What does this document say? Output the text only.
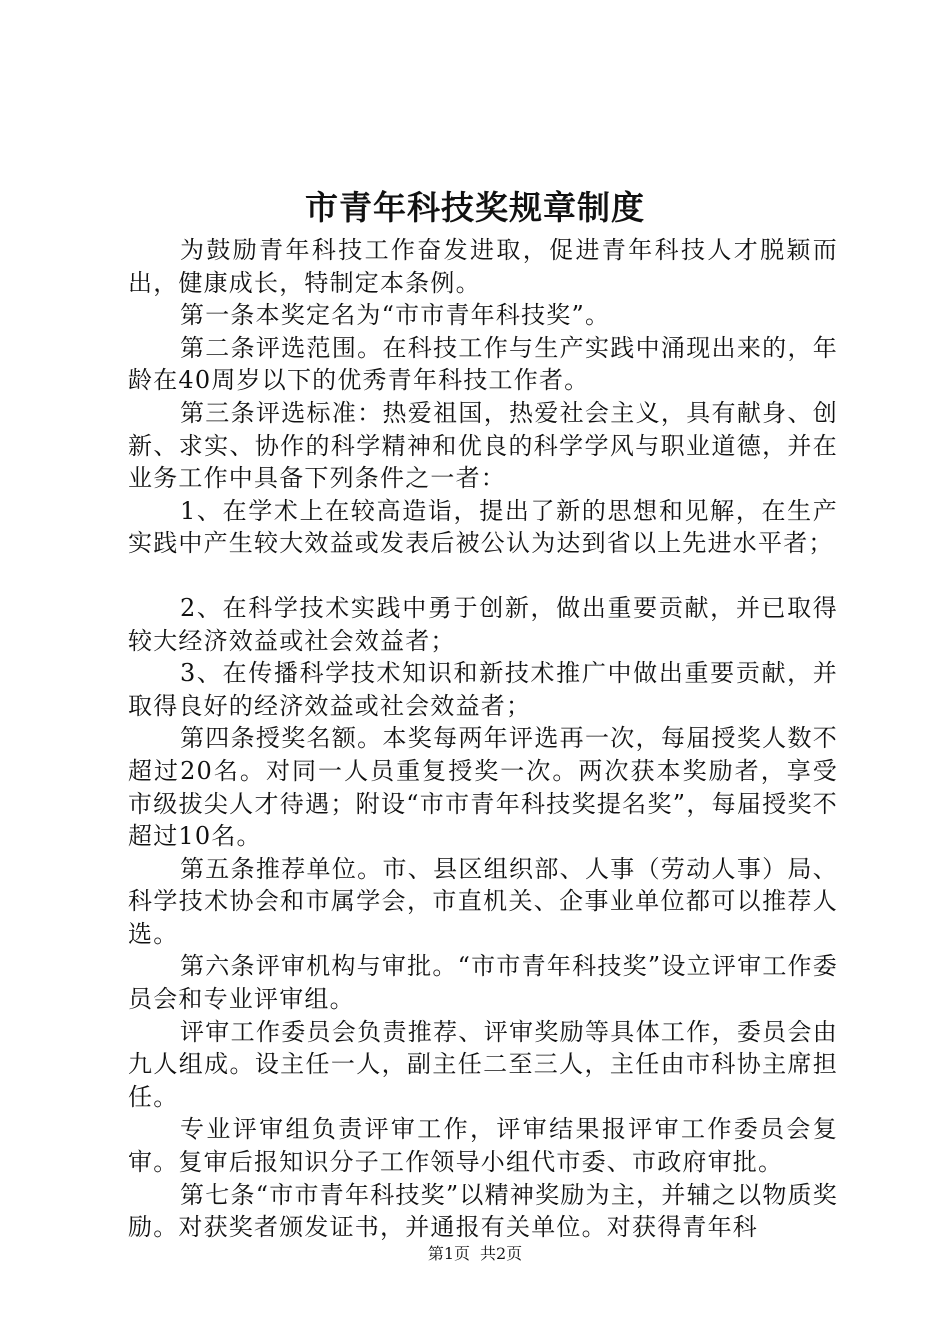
市青年科技奖规章制度

为鼓励青年科技工作奋发进取，促进青年科技人才脱颖而出，健康成长，特制定本条例。

第一条本奖定名为“市市青年科技奖”。

第二条评选范围。在科技工作与生产实践中涌现出来的，年龄在40周岁以下的优秀青年科技工作者。

第三条评选标准：热爱祖国，热爱社会主义，具有献身、创新、求实、协作的科学精神和优良的科学学风与职业道德，并在业务工作中具备下列条件之一者：

1、在学术上在较高造诣，提出了新的思想和见解，在生产实践中产生较大效益或发表后被公认为达到省以上先进水平者；

2、在科学技术实践中勇于创新，做出重要贡献，并已取得较大经济效益或社会效益者；

3、在传播科学技术知识和新技术推广中做出重要贡献，并取得良好的经济效益或社会效益者；

第四条授奖名额。本奖每两年评选再一次，每届授奖人数不超过20名。对同一人员重复授奖一次。两次获本奖励者，享受市级拔尖人才待遇；附设“市市青年科技奖提名奖”，每届授奖不超过10名。

第五条推荐单位。市、县区组织部、人事（劳动人事）局、科学技术协会和市属学会，市直机关、企事业单位都可以推荐人选。

第六条评审机构与审批。“市市青年科技奖”设立评审工作委员会和专业评审组。

评审工作委员会负责推荐、评审奖励等具体工作，委员会由九人组成。设主任一人，副主任二至三人，主任由市科协主席担任。

专业评审组负责评审工作，评审结果报评审工作委员会复审。复审后报知识分子工作领导小组代市委、市政府审批。

第七条“市市青年科技奖”以精神奖励为主，并辅之以物质奖励。对获奖者颁发证书，并通报有关单位。对获得青年科

第1页 共2页
